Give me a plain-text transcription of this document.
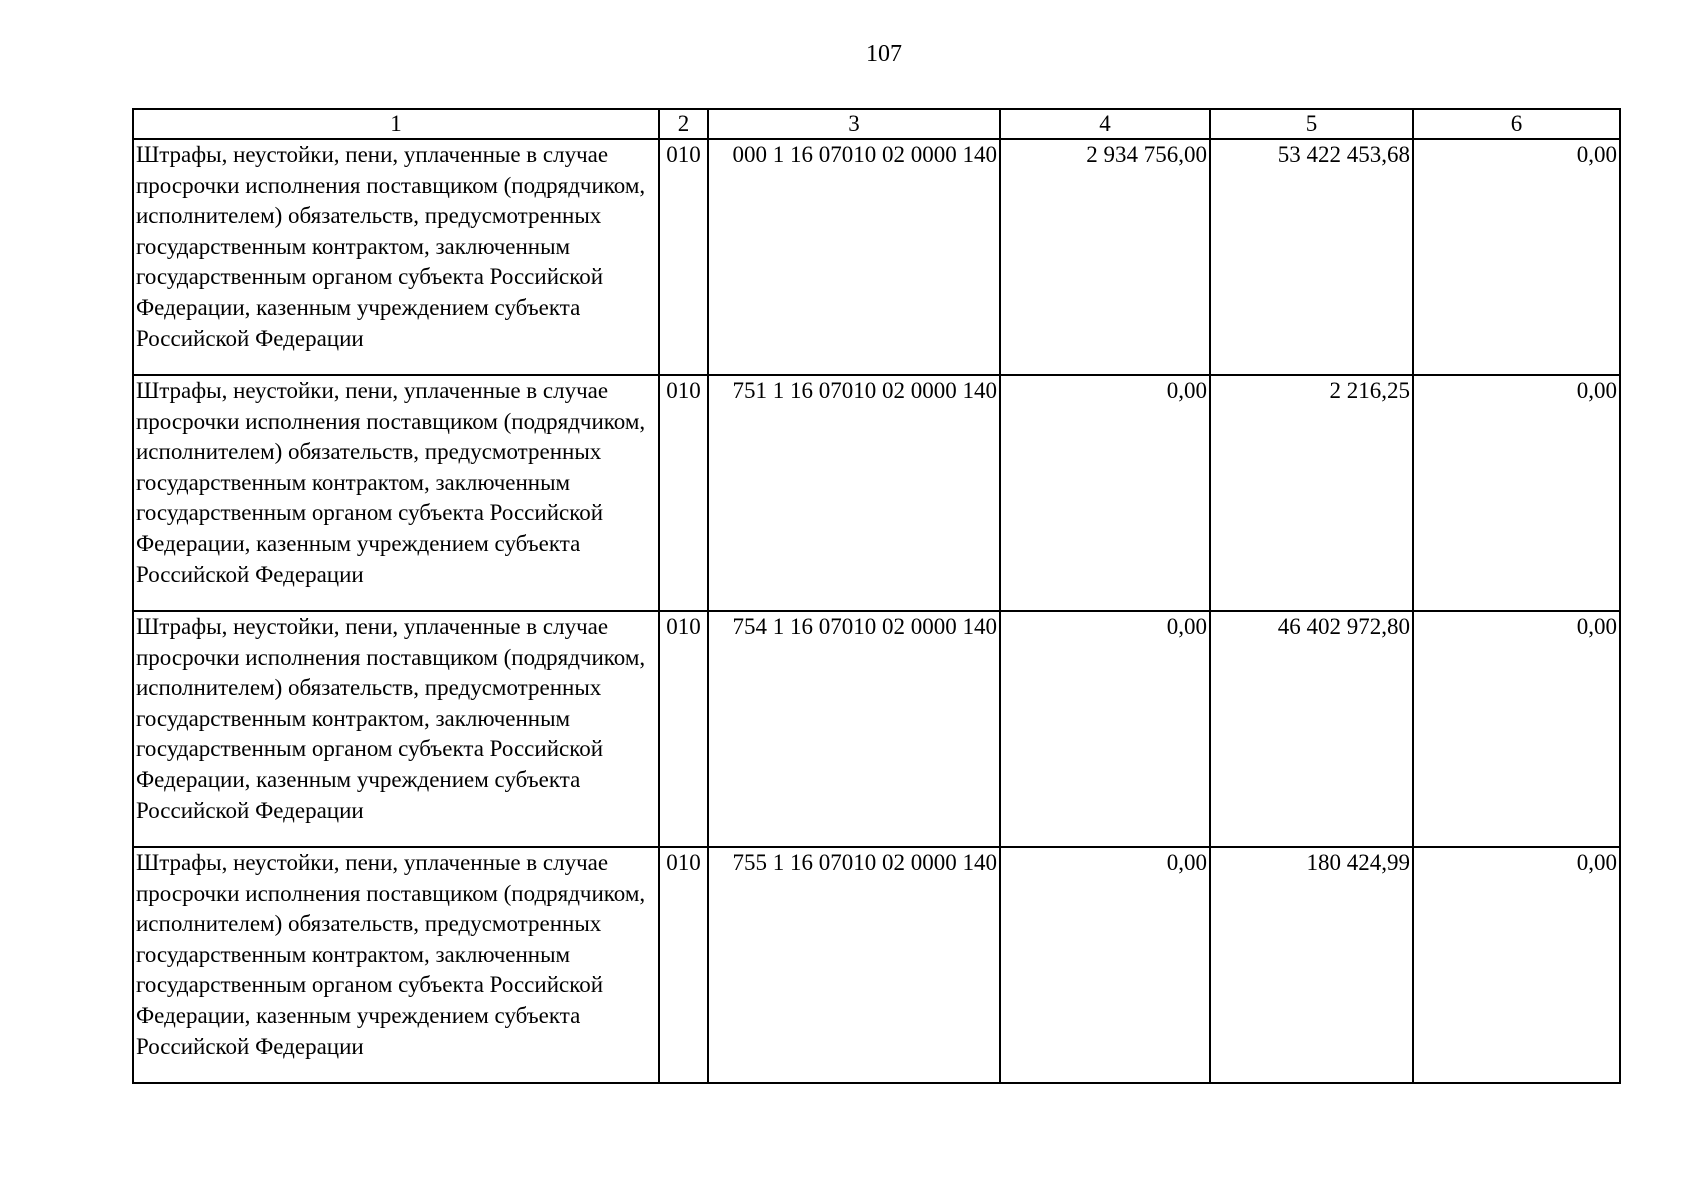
107
1	2	3	4	5	6
Штрафы, неустойки, пени, уплаченные в случае просрочки исполнения поставщиком (подрядчиком, исполнителем) обязательств, предусмотренных государственным контрактом, заключенным государственным органом субъекта Российской Федерации, казенным учреждением субъекта Российской Федерации	010	000 1 16 07010 02 0000 140	2 934 756,00	53 422 453,68	0,00
Штрафы, неустойки, пени, уплаченные в случае просрочки исполнения поставщиком (подрядчиком, исполнителем) обязательств, предусмотренных государственным контрактом, заключенным государственным органом субъекта Российской Федерации, казенным учреждением субъекта Российской Федерации	010	751 1 16 07010 02 0000 140	0,00	2 216,25	0,00
Штрафы, неустойки, пени, уплаченные в случае просрочки исполнения поставщиком (подрядчиком, исполнителем) обязательств, предусмотренных государственным контрактом, заключенным государственным органом субъекта Российской Федерации, казенным учреждением субъекта Российской Федерации	010	754 1 16 07010 02 0000 140	0,00	46 402 972,80	0,00
Штрафы, неустойки, пени, уплаченные в случае просрочки исполнения поставщиком (подрядчиком, исполнителем) обязательств, предусмотренных государственным контрактом, заключенным государственным органом субъекта Российской Федерации, казенным учреждением субъекта Российской Федерации	010	755 1 16 07010 02 0000 140	0,00	180 424,99	0,00
